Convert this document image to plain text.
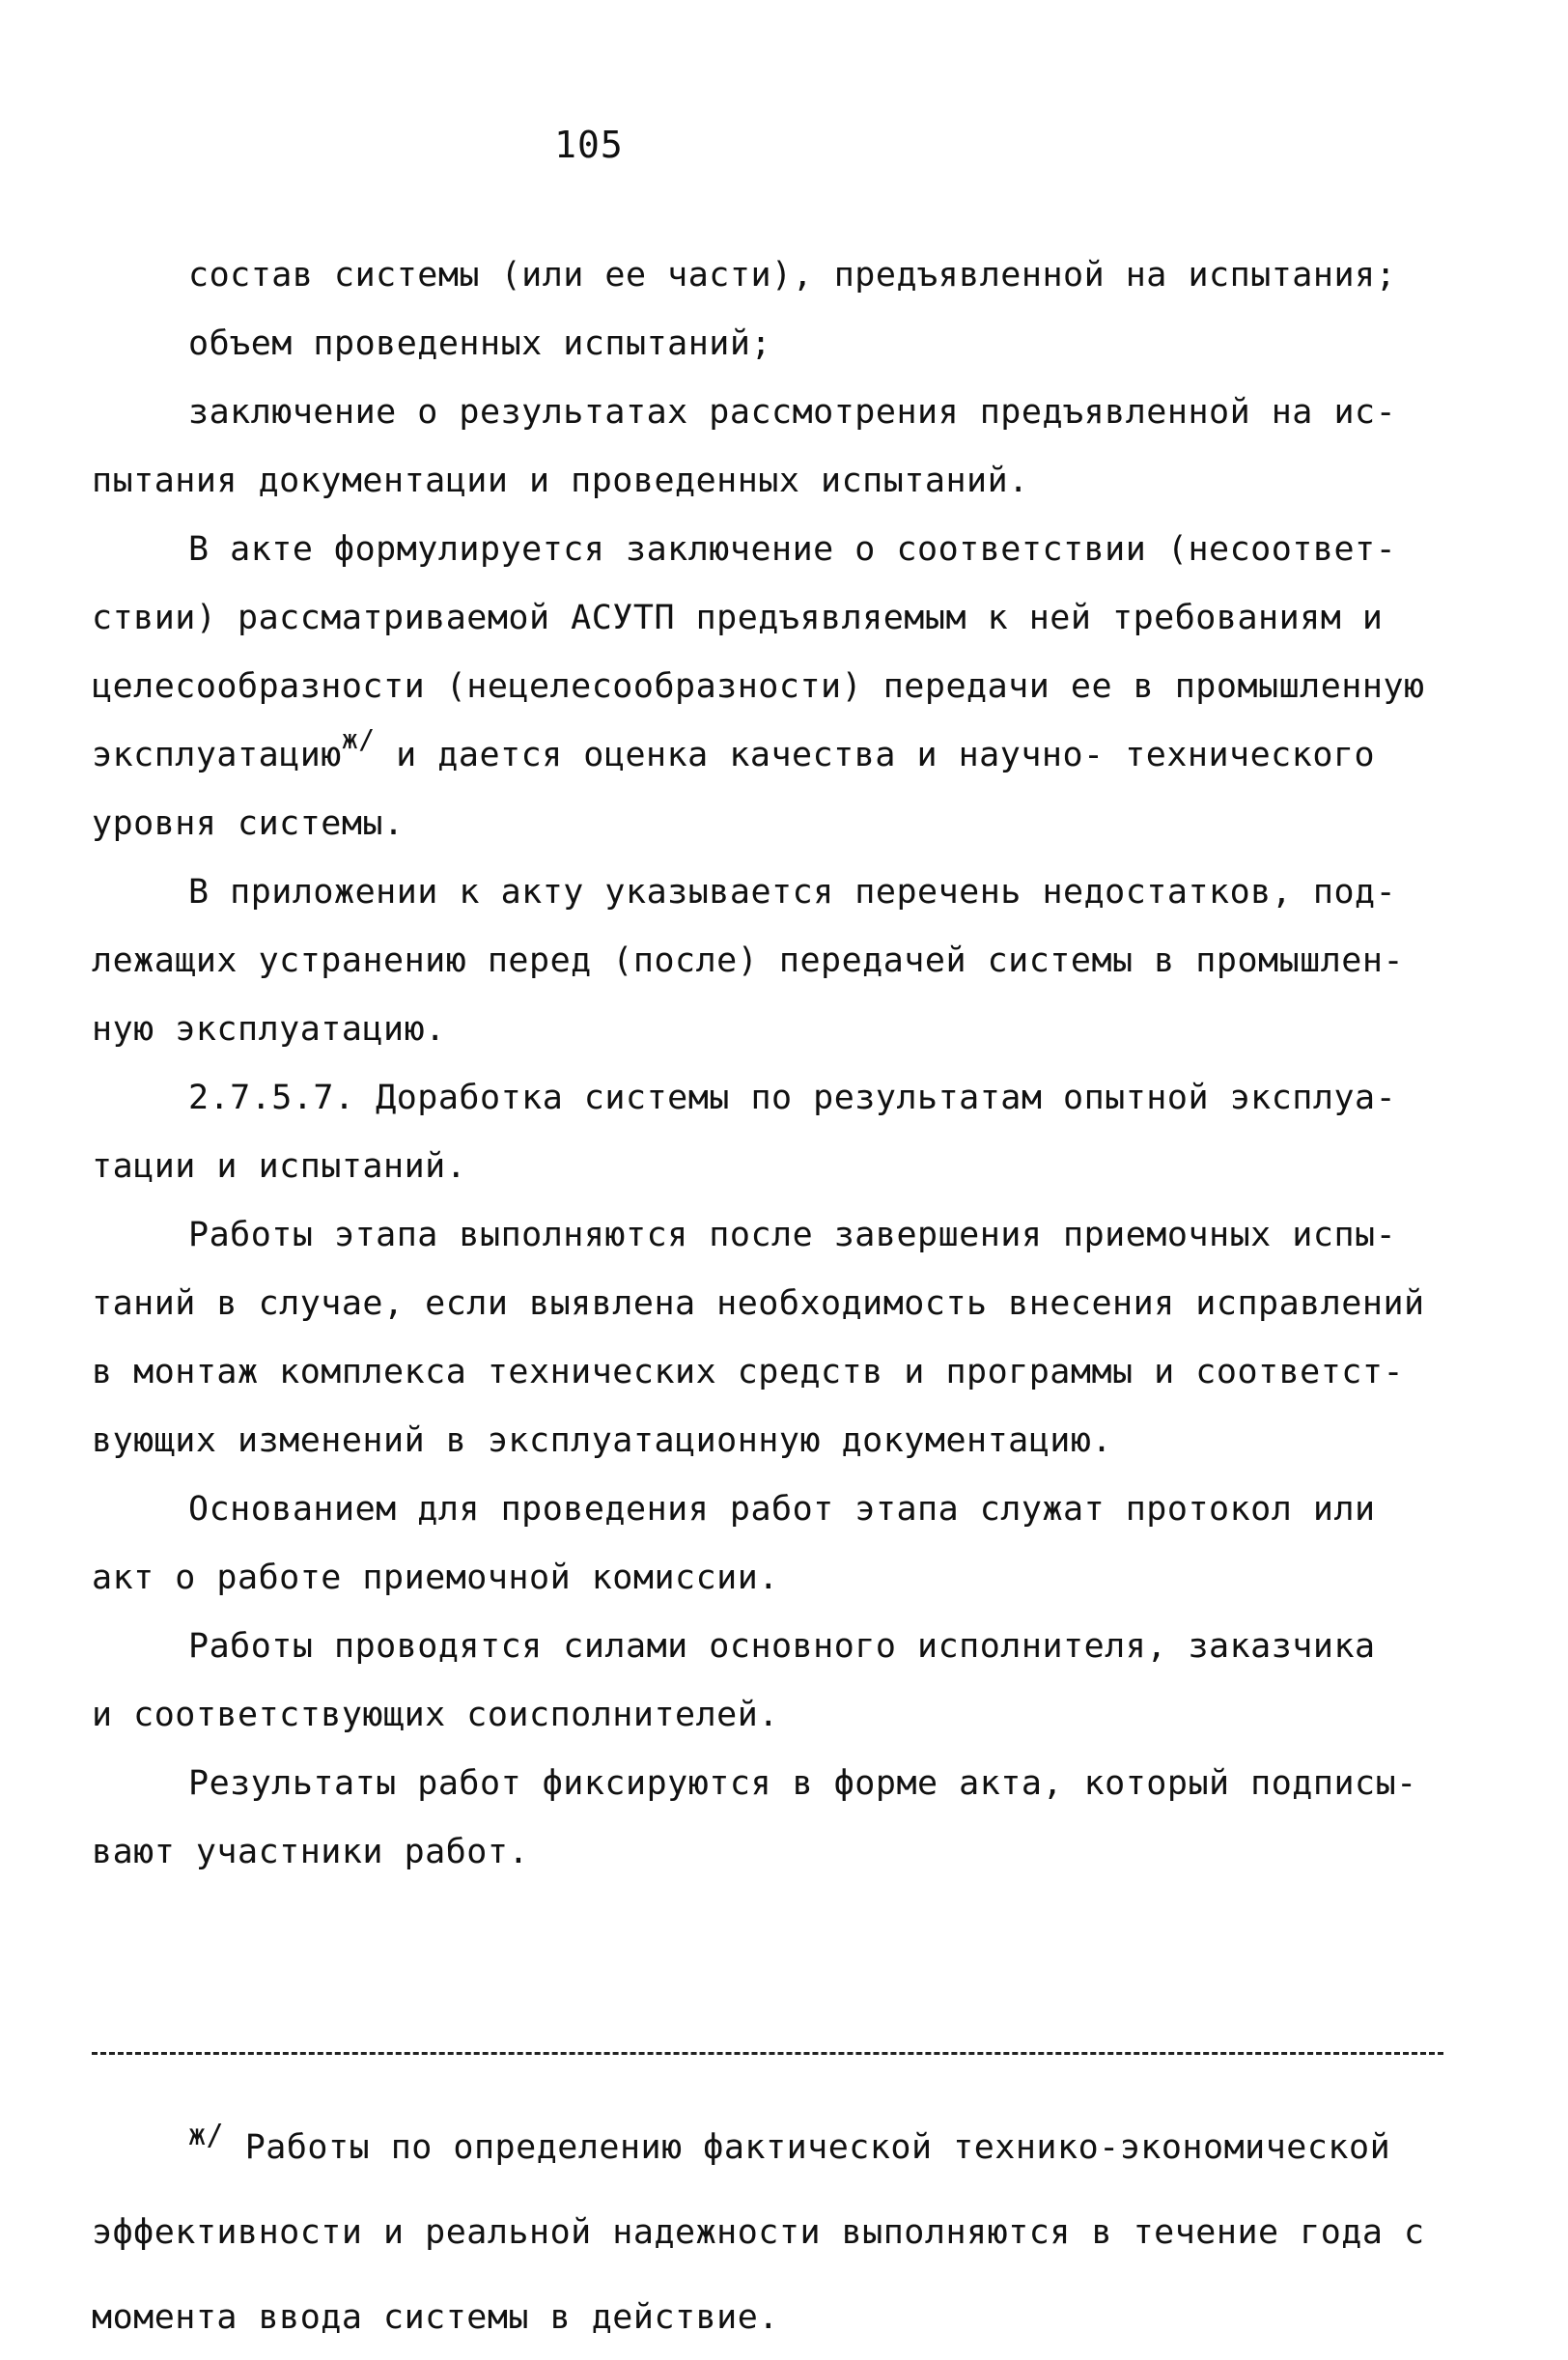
105
состав системы (или ее части), предъявленной на испытания;
объем проведенных испытаний;
заключение о результатах рассмотрения предъявленной на ис-
пытания документации и проведенных испытаний.
В акте формулируется заключение о соответствии (несоответ-
ствии) рассматриваемой АСУТП предъявляемым к ней требованиям и
целесообразности (нецелесообразности) передачи ее в промышленную
эксплуатацию$^{ж/}$ и дается оценка качества и научно- технического
уровня системы.
В приложении к акту указывается перечень недостатков, под-
лежащих устранению перед (после) передачей системы в промышлен-
ную эксплуатацию.
2.7.5.7. Доработка системы по результатам опытной эксплуа-
тации и испытаний.
Работы этапа выполняются после завершения приемочных испы-
таний в случае, если выявлена необходимость внесения исправлений
в монтаж комплекса технических средств и программы и соответст-
вующих изменений в эксплуатационную документацию.
Основанием для проведения работ этапа служат протокол или
акт о работе приемочной комиссии.
Работы проводятся силами основного исполнителя, заказчика
и соответствующих соисполнителей.
Результаты работ фиксируются в форме акта, который подписы-
вают участники работ.
ж/ Работы по определению фактической технико-экономической
эффективности и реальной надежности выполняются в течение года с
момента ввода системы в действие.
